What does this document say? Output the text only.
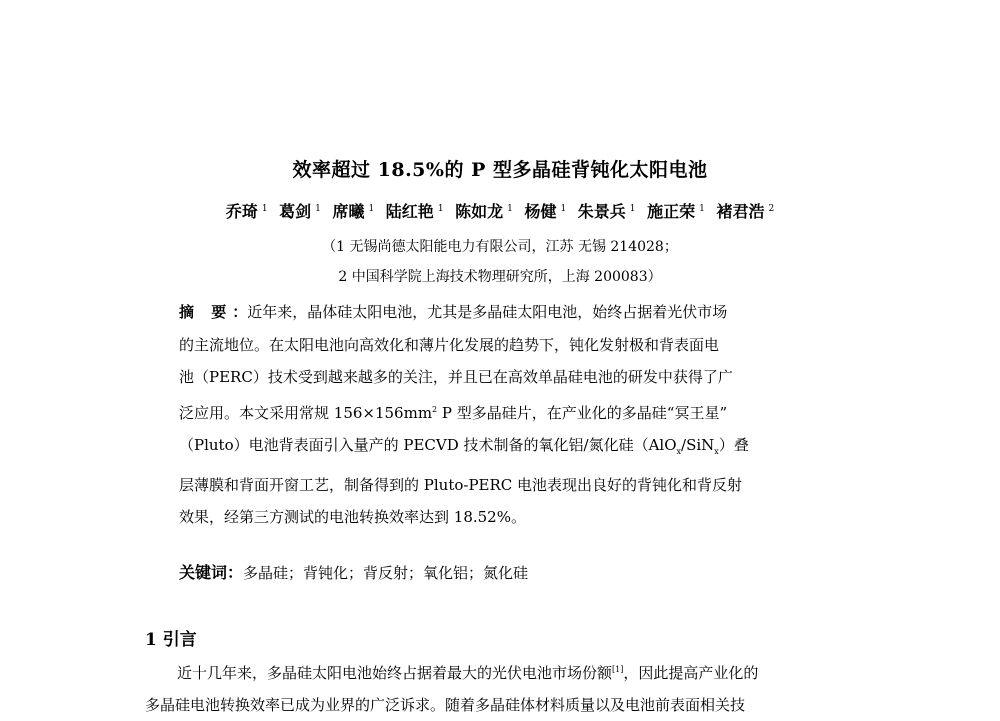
效率超过 18.5%的 P 型多晶硅背钝化太阳电池
乔琦 $^1$ 葛剑 $^1$ 席曦 $^1$ 陆红艳 $^1$ 陈如龙 $^1$ 杨健 $^1$ 朱景兵 $^1$ 施正荣 $^1$ 褚君浩 $^2$
（1 无锡尚德太阳能电力有限公司，江苏 无锡 214028；
2 中国科学院上海技术物理研究所，上海 200083）
摘 要：近年来，晶体硅太阳电池，尤其是多晶硅太阳电池，始终占据着光伏市场
的主流地位。在太阳电池向高效化和薄片化发展的趋势下，钝化发射极和背表面电
池（PERC）技术受到越来越多的关注，并且已在高效单晶硅电池的研发中获得了广
泛应用。本文采用常规 $156\times 156mm^2$ P 型多晶硅片，在产业化的多晶硅“冥王星”
（Pluto）电池背表面引入量产的 PECVD 技术制备的氧化铝/氮化硅（AlO$_x$/SiN$_x$）叠
层薄膜和背面开窗工艺，制备得到的 Pluto-PERC 电池表现出良好的背钝化和背反射
效果，经第三方测试的电池转换效率达到 18.52%。
关键词：多晶硅；背钝化；背反射；氧化铝；氮化硅
1 引言
近十几年来，多晶硅太阳电池始终占据着最大的光伏电池市场份额[1]，因此提高产业化的
多晶硅电池转换效率已成为业界的广泛诉求。随着多晶硅体材料质量以及电池前表面相关技
